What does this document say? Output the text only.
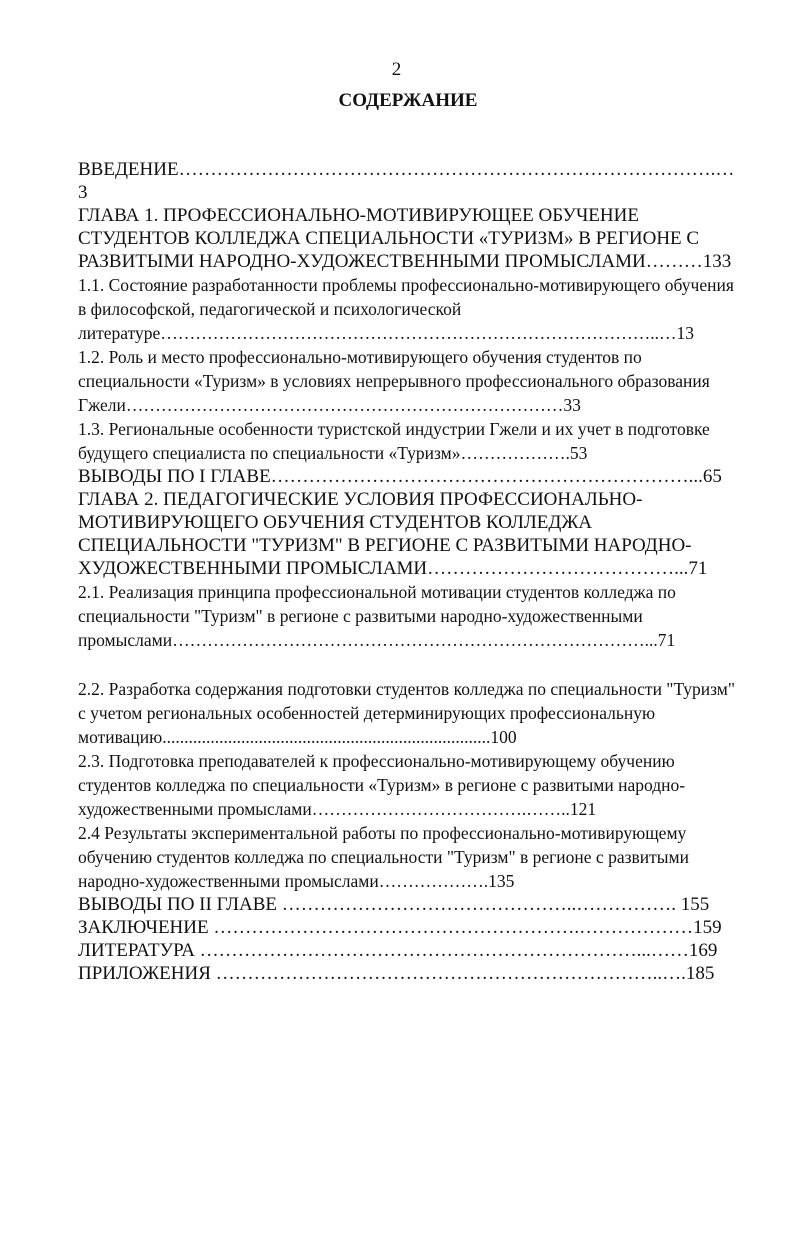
2
СОДЕРЖАНИЕ
ВВЕДЕНИЕ………………………………………………………………………….…3
ГЛАВА 1. ПРОФЕССИОНАЛЬНО-МОТИВИРУЮЩЕЕ ОБУЧЕНИЕ СТУДЕНТОВ КОЛЛЕДЖА СПЕЦИАЛЬНОСТИ «ТУРИЗМ» В РЕГИОНЕ С РАЗВИТЫМИ НАРОДНО-ХУДОЖЕСТВЕННЫМИ ПРОМЫСЛАМИ………133
1.1. Состояние разработанности проблемы профессионально-мотивирующего обучения в философской, педагогической и психологической литературе…………………………………………………………………………..…13
1.2. Роль и место профессионально-мотивирующего обучения студентов по специальности «Туризм» в условиях непрерывного профессионального образования Гжели…………………………………………………………………33
1.3. Региональные особенности туристской индустрии Гжели и их учет в подготовке будущего специалиста по специальности «Туризм»……………….53
ВЫВОДЫ ПО I ГЛАВЕ…………………………………………………………...65
ГЛАВА 2. ПЕДАГОГИЧЕСКИЕ УСЛОВИЯ ПРОФЕССИОНАЛЬНО-МОТИВИРУЮЩЕГО ОБУЧЕНИЯ СТУДЕНТОВ КОЛЛЕДЖА СПЕЦИАЛЬНОСТИ "ТУРИЗМ" В РЕГИОНЕ С РАЗВИТЫМИ НАРОДНО-ХУДОЖЕСТВЕННЫМИ ПРОМЫСЛАМИ…………………………………...71
2.1. Реализация принципа профессиональной мотивации студентов колледжа по специальности "Туризм" в регионе с развитыми народно-художественными промыслами………………………………………………………………………...71
2.2. Разработка содержания подготовки студентов колледжа по специальности "Туризм" с учетом региональных особенностей детерминирующих профессиональную мотивацию...........................................................................100
2.3. Подготовка преподавателей к профессионально-мотивирующему обучению студентов колледжа по специальности «Туризм» в регионе с развитыми народно-художественными промыслами……………………………….……..121
2.4 Результаты экспериментальной работы по профессионально-мотивирующему обучению студентов колледжа по специальности "Туризм" в регионе с развитыми народно-художественными промыслами……………….135
ВЫВОДЫ ПО II ГЛАВЕ ………………………………………..……………. 155
ЗАКЛЮЧЕНИЕ ………………………………………………….………………159
ЛИТЕРАТУРА ……………………………………………………………...……169
ПРИЛОЖЕНИЯ ……………………………………………………………..….185
